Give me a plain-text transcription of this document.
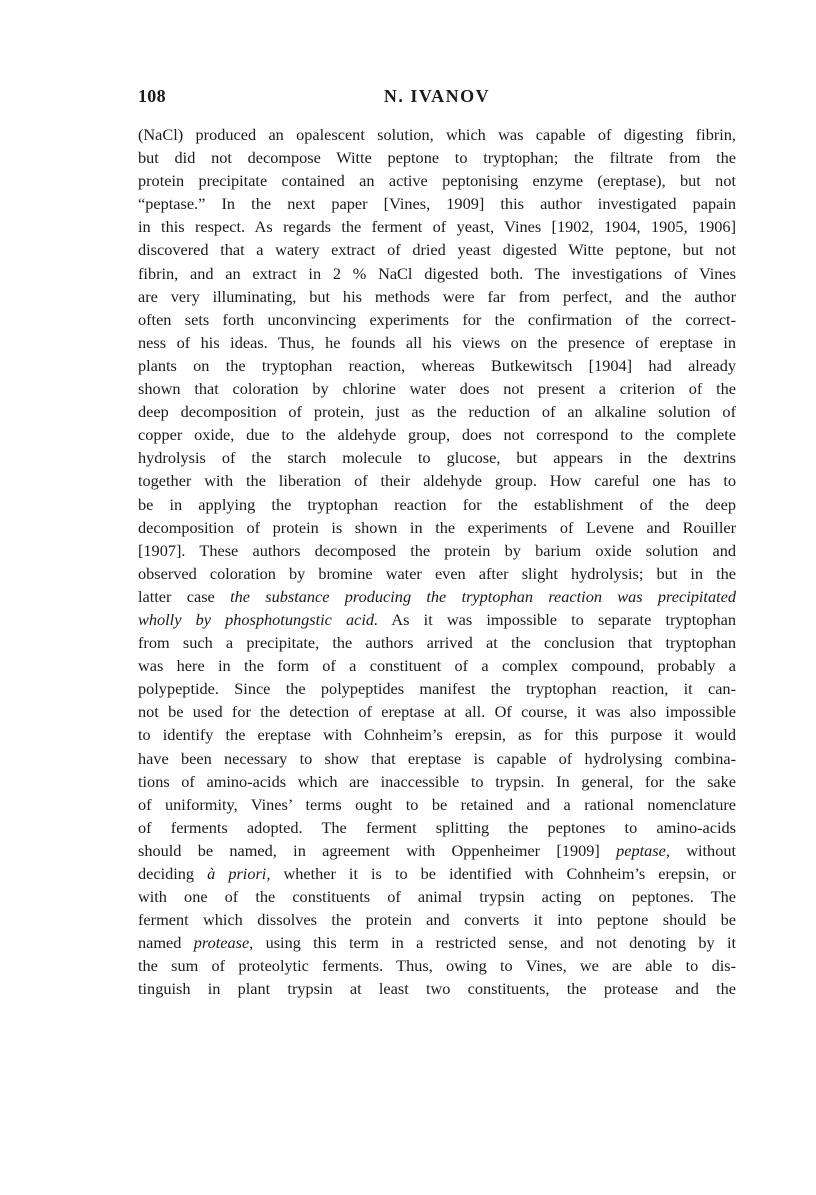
108	N. IVANOV
(NaCl) produced an opalescent solution, which was capable of digesting fibrin,
but did not decompose Witte peptone to tryptophan; the filtrate from the
protein precipitate contained an active peptonising enzyme (ereptase), but not
“peptase.” In the next paper [Vines, 1909] this author investigated papain
in this respect. As regards the ferment of yeast, Vines [1902, 1904, 1905, 1906]
discovered that a watery extract of dried yeast digested Witte peptone, but not
fibrin, and an extract in 2 % NaCl digested both. The investigations of Vines
are very illuminating, but his methods were far from perfect, and the author
often sets forth unconvincing experiments for the confirmation of the correct-
ness of his ideas. Thus, he founds all his views on the presence of ereptase in
plants on the tryptophan reaction, whereas Butkewitsch [1904] had already
shown that coloration by chlorine water does not present a criterion of the
deep decomposition of protein, just as the reduction of an alkaline solution of
copper oxide, due to the aldehyde group, does not correspond to the complete
hydrolysis of the starch molecule to glucose, but appears in the dextrins
together with the liberation of their aldehyde group. How careful one has to
be in applying the tryptophan reaction for the establishment of the deep
decomposition of protein is shown in the experiments of Levene and Rouiller
[1907]. These authors decomposed the protein by barium oxide solution and
observed coloration by bromine water even after slight hydrolysis; but in the
latter case the substance producing the tryptophan reaction was precipitated
wholly by phosphotungstic acid. As it was impossible to separate tryptophan
from such a precipitate, the authors arrived at the conclusion that tryptophan
was here in the form of a constituent of a complex compound, probably a
polypeptide. Since the polypeptides manifest the tryptophan reaction, it can-
not be used for the detection of ereptase at all. Of course, it was also impossible
to identify the ereptase with Cohnheim’s erepsin, as for this purpose it would
have been necessary to show that ereptase is capable of hydrolysing combina-
tions of amino-acids which are inaccessible to trypsin. In general, for the sake
of uniformity, Vines’ terms ought to be retained and a rational nomenclature
of ferments adopted. The ferment splitting the peptones to amino-acids
should be named, in agreement with Oppenheimer [1909] peptase, without
deciding à priori, whether it is to be identified with Cohnheim’s erepsin, or
with one of the constituents of animal trypsin acting on peptones. The
ferment which dissolves the protein and converts it into peptone should be
named protease, using this term in a restricted sense, and not denoting by it
the sum of proteolytic ferments. Thus, owing to Vines, we are able to dis-
tinguish in plant trypsin at least two constituents, the protease and the
